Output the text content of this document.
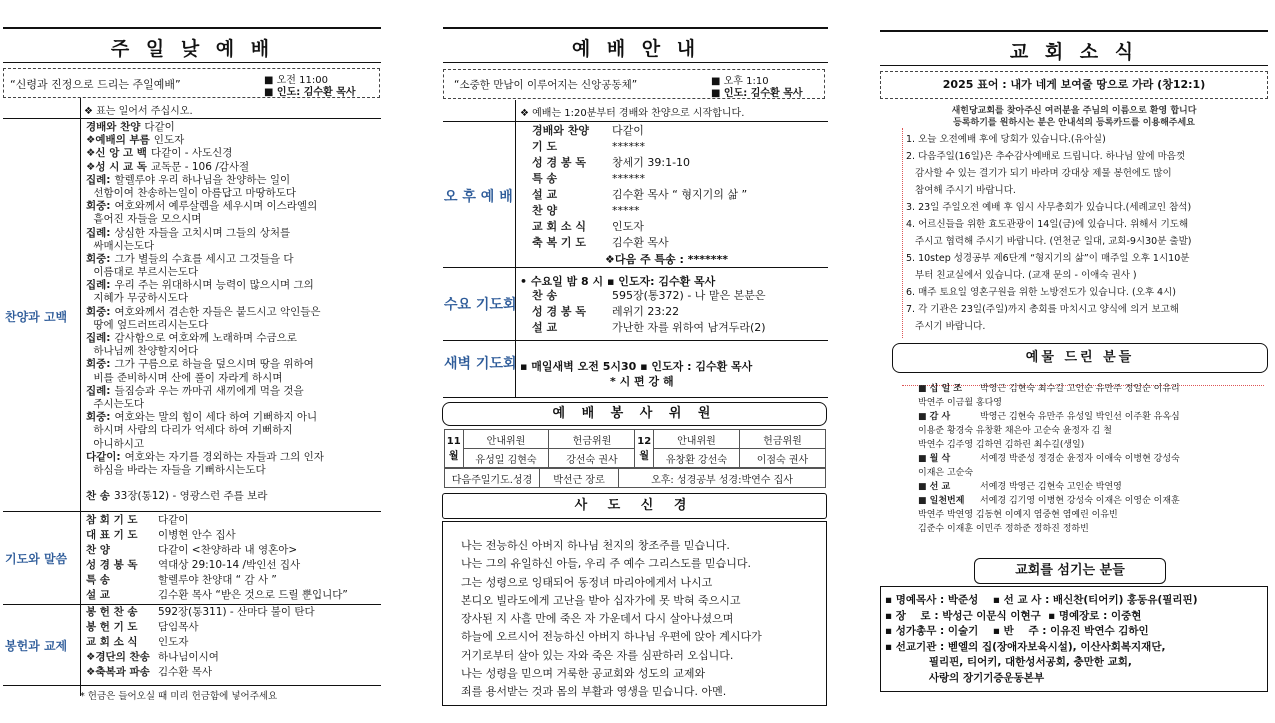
주 일 낮 예 배
“신령과 진정으로 드리는 주일예배”	■ 오전 11:00
■ 인도: 김수환 목사
❖ 표는 일어서 주십시오.
찬양과 고백
경배와 찬양 다같이
❖예배의 부름 인도자
❖신 앙 고 백 다같이 - 사도신경
❖성 시 교 독 교독문 - 106 /감사절
집례: 할렐루야 우리 하나님을 찬양하는 일이
선함이여 찬송하는일이 아름답고 마땅하도다
회중: 여호와께서 예루살렘을 세우시며 이스라엘의
흩어진 자들을 모으시며
집례: 상심한 자들을 고치시며 그들의 상처를
싸매시는도다
회중: 그가 별들의 수효를 세시고 그것들을 다
이름대로 부르시는도다
집례: 우리 주는 위대하시며 능력이 많으시며 그의
지혜가 무궁하시도다
회중: 여호와께서 겸손한 자들은 붙드시고 악인들은
땅에 엎드러뜨리시는도다
집례: 감사함으로 여호와께 노래하며 수금으로
하나님께 찬양할지어다
회중: 그가 구름으로 하늘을 덮으시며 땅을 위하여
비를 준비하시며 산에 풀이 자라게 하시며
집례: 들짐승과 우는 까마귀 새끼에게 먹을 것을
주시는도다
회중: 여호와는 말의 힘이 세다 하여 기뻐하지 아니
하시며 사람의 다리가 억세다 하여 기뻐하지
아니하시고
다같이: 여호와는 자기를 경외하는 자들과 그의 인자
하심을 바라는 자들을 기뻐하시는도다
찬 송 33장(통12) - 영광스런 주를 보라
기도와 말씀
참 회 기 도 다같이
대 표 기 도 이병현 안수 집사
찬 양	다같이 <찬양하라 내 영혼아>
성 경 봉 독 역대상 29:10-14 /박인선 집사
특 송	할렐루야 찬양대 “ 감 사 ”
설 교	김수환 목사 “받은 것으로 드릴 뿐입니다”
봉헌과 교제
봉 헌 찬 송 592장(통311) - 산마다 불이 탄다
봉 헌 기 도 담임목사
교 회 소 식 인도자
❖경단의 찬송 하나님이시여
❖축복과 파송 김수환 목사
* 헌금은 들어오실 때 미리 헌금함에 넣어주세요
예 배 안 내
“소중한 만남이 이루어지는 신앙공동체”	■ 오후 1:10
■ 인도: 김수환 목사
❖ 예배는 1:20분부터 경배와 찬양으로 시작합니다.
오 후 예 배
경배와 찬양 다같이
기 도	******
성 경 봉 독 창세기 39:1-10
특 송	******
설 교	김수환 목사 “ 형지기의 삶 ”
찬 양	*****
교 회 소 식 인도자
축 복 기 도 김수환 목사
❖다음 주 특송 : *******
수요 기도회
• 수요일 밤 8 시 ▪ 인도자: 김수환 목사
찬 송	595장(통372) - 나 맡은 본분은
성 경 봉 독 레위기 23:22
설 교	가난한 자를 위하여 남겨두라(2)
새벽 기도회 ▪ 매일새벽 오전 5시30 ▪ 인도자 : 김수환 목사
* 시 편 강 해
예 배 봉 사 위 원
11월	안내위원	헌금위원	12월	안내위원	헌금위원
	유성일 김현숙	강선숙 권사		유창환 강선숙	이점숙 권사
다음주일기도.성경	박선근 장로	오후: 성경공부 성경:박연수 집사
사 도 신 경
나는 전능하신 아버지 하나님 천지의 창조주를 믿습니다.
나는 그의 유일하신 아들, 우리 주 예수 그리스도를 믿습니다.
그는 성령으로 잉태되어 동정녀 마리아에게서 나시고
본디오 빌라도에게 고난을 받아 십자가에 못 박혀 죽으시고
장사된 지 사흘 만에 죽은 자 가운데서 다시 살아나셨으며
하늘에 오르시어 전능하신 아버지 하나님 우편에 앉아 계시다가
거기로부터 살아 있는 자와 죽은 자를 심판하러 오십니다.
나는 성령을 믿으며 거룩한 공교회와 성도의 교제와
죄를 용서받는 것과 몸의 부활과 영생을 믿습니다. 아멘.
교 회 소 식
2025 표어 : 내가 네게 보여줄 땅으로 가라 (창12:1)
새힌당교회를 찾아주신 여러분을 주님의 이름으로 환영 합니다
등록하기를 원하시는 분은 안내석의 등록카드를 이용해주세요
1. 오늘 오전예배 후에 당회가 있습니다.(유아실)
2. 다음주일(16일)은 추수감사예배로 드립니다. 하나님 앞에 마음껏
감사할 수 있는 결기가 되기 바라며 강대상 제물 봉헌에도 많이
참여해 주시기 바랍니다.
3. 23일 주일오전 예배 후 임시 사무총회가 있습니다.(세례교인 참석)
4. 어르신들을 위한 효도관광이 14일(금)에 있습니다. 위해서 기도해
주시고 협력해 주시기 바랍니다. (연천군 일대, 교회-9시30분 출발)
5. 10step 성경공부 제6단계 “형지기의 삶”이 매주일 오후 1시10분
부터 친교실에서 있습니다. (교재 문의 - 이애숙 권사 )
6. 매주 토요일 영혼구원을 위한 노방전도가 있습니다. (오후 4시)
7. 각 기관은 23일(주일)까지 총회를 마치시고 양식에 의거 보고해
주시기 바랍니다.
예물 드린 분들
■ 십 일 조 박영근 김현숙 최수길 고인순 유만주 정일순 이유리
박연주 이금월 홍다영
■ 감 사	박영근 김현숙 유만주 유성일 박인선 이주환 유옥심
이용준 황경숙 유창환 채은아 고순숙 윤정자 김 철
박연수 김주영 김하연 김하린 최수길(생일)
■ 월 삭	서예경 박준성 정경순 윤정자 이애숙 이병현 강성숙
이재은 고순숙
■ 선 교	서예경 박영근 김현숙 고인순 박연영
■ 일천번제 서예경 김기영 이병현 강성숙 이재은 이영순 이재훈
박연주 박연영 김동현 이예지 염중현 염예린 이유빈
김준수 이재훈 이민주 정하준 정하진 정하빈
교회를 섬기는 분들
▪ 명예목사 : 박준성    ▪ 선 교 사 : 배신찬(티어키) 홍동유(필리핀)
▪ 장    로 : 박성근 이문식 이현구  ▪ 명예장로 : 이중현
▪ 성가총무 : 이술기    ▪ 반    주 : 이유진 박연수 김하인
▪ 선교기관 : 벧엘의 집(장애자보육시설), 이산사회복지재단,
필리핀, 티어키, 대한성서공회, 충만한 교회,
사랑의 장기기증운동본부
